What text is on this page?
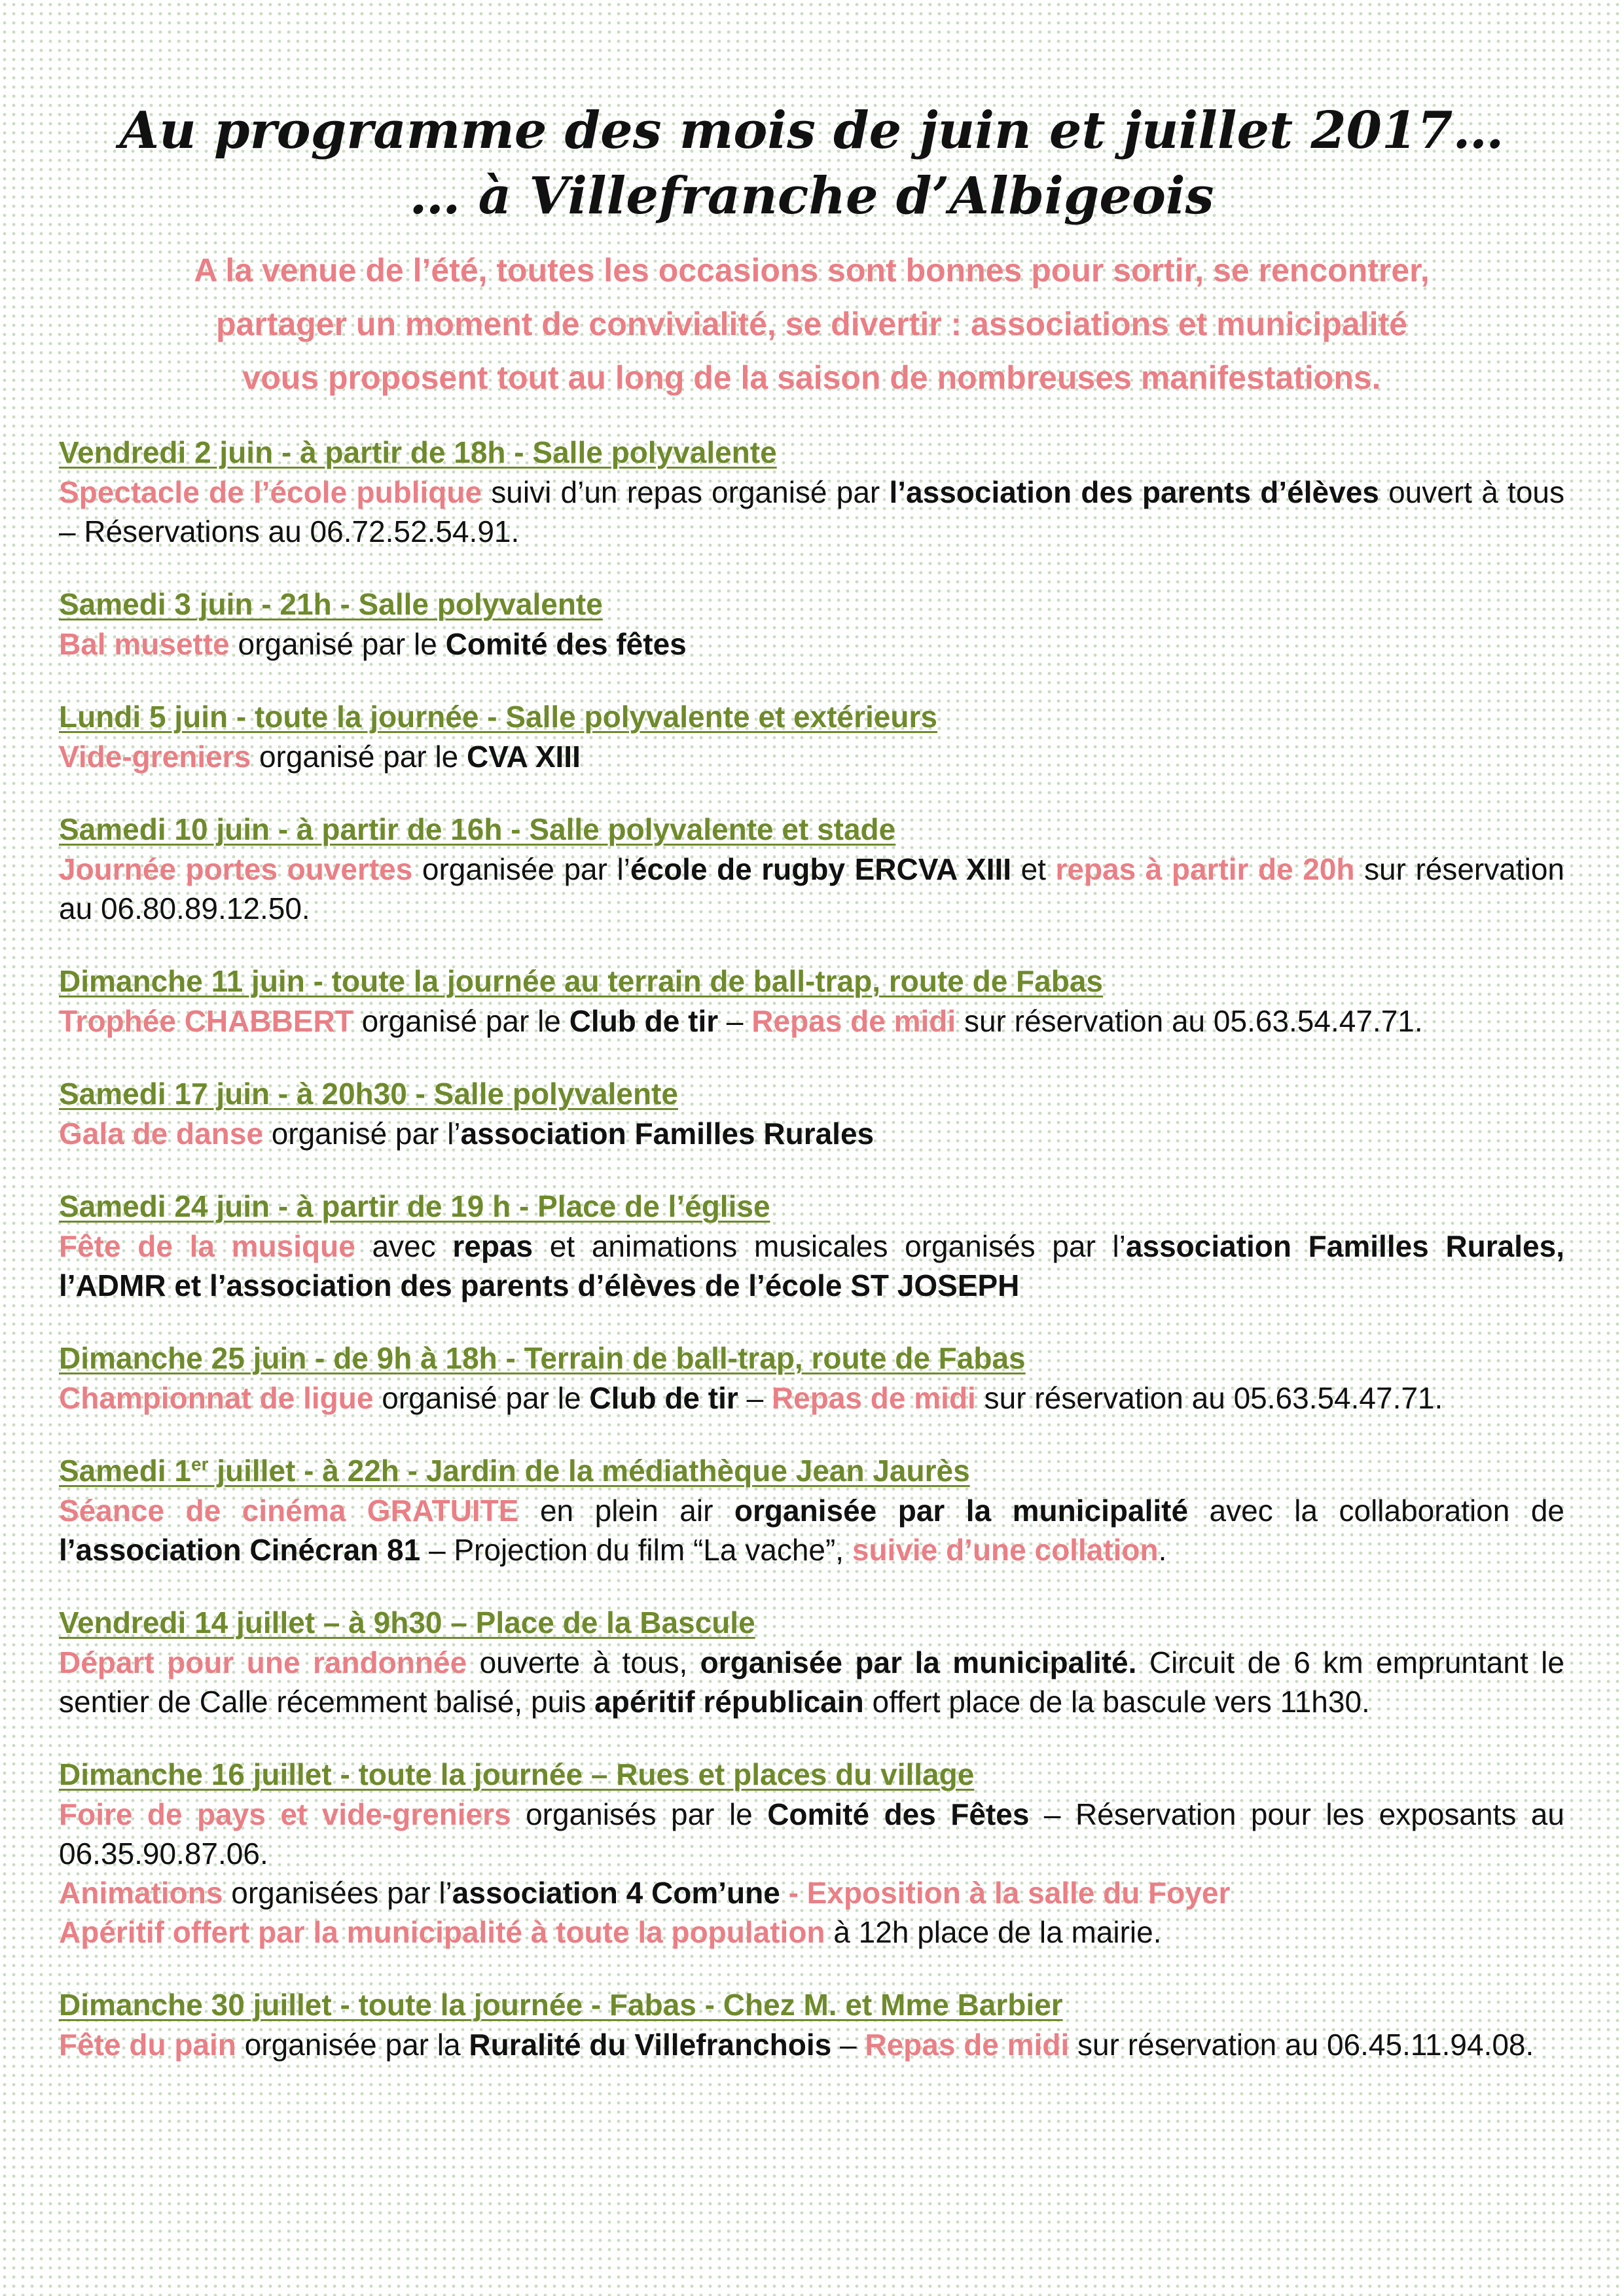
Au programme des mois de juin et juillet 2017…
… à Villefranche d’Albigeois
A la venue de l’été, toutes les occasions sont bonnes pour sortir, se rencontrer,
partager un moment de convivialité, se divertir : associations et municipalité
vous proposent tout au long de la saison de nombreuses manifestations.
Vendredi 2 juin - à partir de 18h - Salle polyvalente
Spectacle de l’école publique suivi d’un repas organisé par l’association des parents d’élèves ouvert à tous – Réservations au 06.72.52.54.91.
Samedi 3 juin - 21h - Salle polyvalente
Bal musette organisé par le Comité des fêtes
Lundi 5 juin - toute la journée - Salle polyvalente et extérieurs
Vide-greniers organisé par le CVA XIII
Samedi 10 juin - à partir de 16h - Salle polyvalente et stade
Journée portes ouvertes organisée par l’école de rugby ERCVA XIII et repas à partir de 20h sur réservation au 06.80.89.12.50.
Dimanche 11 juin - toute la journée au terrain de ball-trap, route de Fabas
Trophée CHABBERT organisé par le Club de tir – Repas de midi sur réservation au 05.63.54.47.71.
Samedi 17 juin - à 20h30 - Salle polyvalente
Gala de danse organisé par l’association Familles Rurales
Samedi 24 juin - à partir de 19 h - Place de l’église
Fête de la musique avec repas et animations musicales organisés par l’association Familles Rurales, l’ADMR et l’association des parents d’élèves de l’école ST JOSEPH
Dimanche 25 juin - de 9h à 18h - Terrain de ball-trap, route de Fabas
Championnat de ligue organisé par le Club de tir – Repas de midi sur réservation au 05.63.54.47.71.
Samedi 1er juillet - à 22h - Jardin de la médiathèque Jean Jaurès
Séance de cinéma GRATUITE en plein air organisée par la municipalité avec la collaboration de l’association Cinécran 81 – Projection du film “La vache”, suivie d’une collation.
Vendredi 14 juillet – à 9h30 – Place de la Bascule
Départ pour une randonnée ouverte à tous, organisée par la municipalité. Circuit de 6 km empruntant le sentier de Calle récemment balisé, puis apéritif républicain offert place de la bascule vers 11h30.
Dimanche 16 juillet - toute la journée – Rues et places du village
Foire de pays et vide-greniers organisés par le Comité des Fêtes – Réservation pour les exposants au 06.35.90.87.06.
Animations organisées par l’association 4 Com’une - Exposition à la salle du Foyer
Apéritif offert par la municipalité à toute la population à 12h place de la mairie.
Dimanche 30 juillet - toute la journée - Fabas - Chez M. et Mme Barbier
Fête du pain organisée par la Ruralité du Villefranchois – Repas de midi sur réservation au 06.45.11.94.08.
